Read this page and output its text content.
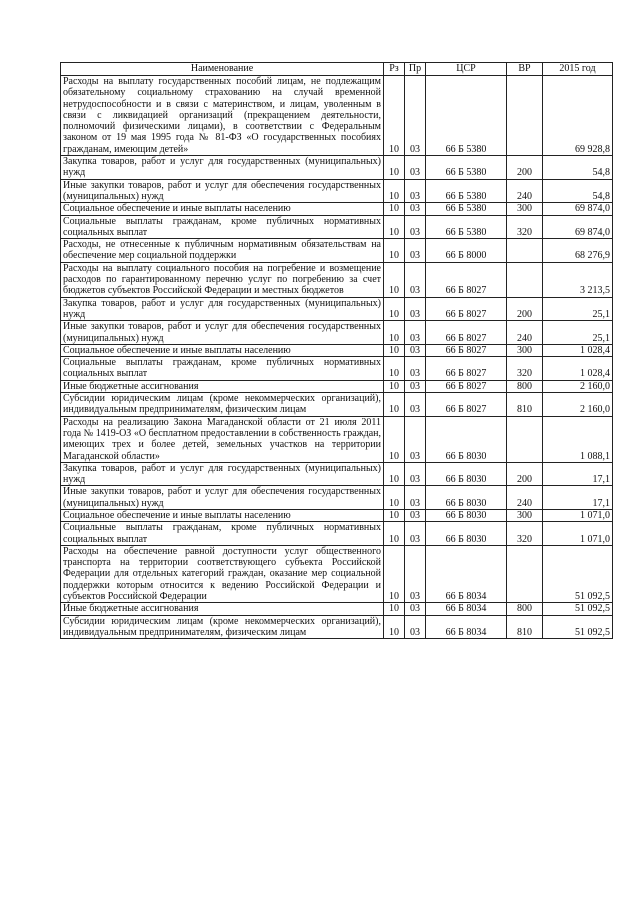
Наименование	Рз	Пр	ЦСР	ВР	2015 год
Расходы на выплату государственных пособий лицам, не подлежащим обязательному социальному страхованию на случай временной нетрудоспособности и в связи с материнством, и лицам, уволенным в связи с ликвидацией организаций (прекращением деятельности, полномочий физическими лицами), в соответствии с Федеральным законом от 19 мая 1995 года № 81-ФЗ «О государственных пособиях гражданам, имеющим детей»	10	03	66 Б 5380		69 928,8
Закупка товаров, работ и услуг для государственных (муниципальных) нужд	10	03	66 Б 5380	200	54,8
Иные закупки товаров, работ и услуг для обеспечения государственных (муниципальных) нужд	10	03	66 Б 5380	240	54,8
Социальное обеспечение и иные выплаты населению	10	03	66 Б 5380	300	69 874,0
Социальные выплаты гражданам, кроме публичных нормативных социальных выплат	10	03	66 Б 5380	320	69 874,0
Расходы, не отнесенные к публичным нормативным обязательствам на обеспечение мер социальной поддержки	10	03	66 Б 8000		68 276,9
Расходы на выплату социального пособия на погребение и возмещение расходов по гарантированному перечню услуг по погребению за счет бюджетов субъектов Российской Федерации и местных бюджетов	10	03	66 Б 8027		3 213,5
Закупка товаров, работ и услуг для государственных (муниципальных) нужд	10	03	66 Б 8027	200	25,1
Иные закупки товаров, работ и услуг для обеспечения государственных (муниципальных) нужд	10	03	66 Б 8027	240	25,1
Социальное обеспечение и иные выплаты населению	10	03	66 Б 8027	300	1 028,4
Социальные выплаты гражданам, кроме публичных нормативных социальных выплат	10	03	66 Б 8027	320	1 028,4
Иные бюджетные ассигнования	10	03	66 Б 8027	800	2 160,0
Субсидии юридическим лицам (кроме некоммерческих организаций), индивидуальным предпринимателям, физическим лицам	10	03	66 Б 8027	810	2 160,0
Расходы на реализацию Закона Магаданской области от 21 июля 2011 года № 1419-ОЗ «О бесплатном предоставлении в собственность граждан, имеющих трех и более детей, земельных участков на территории Магаданской области»	10	03	66 Б 8030		1 088,1
Закупка товаров, работ и услуг для государственных (муниципальных) нужд	10	03	66 Б 8030	200	17,1
Иные закупки товаров, работ и услуг для обеспечения государственных (муниципальных) нужд	10	03	66 Б 8030	240	17,1
Социальное обеспечение и иные выплаты населению	10	03	66 Б 8030	300	1 071,0
Социальные выплаты гражданам, кроме публичных нормативных социальных выплат	10	03	66 Б 8030	320	1 071,0
Расходы на обеспечение равной доступности услуг общественного транспорта на территории соответствующего субъекта Российской Федерации для отдельных категорий граждан, оказание мер социальной поддержки которым относится к ведению Российской Федерации и субъектов Российской Федерации	10	03	66 Б 8034		51 092,5
Иные бюджетные ассигнования	10	03	66 Б 8034	800	51 092,5
Субсидии юридическим лицам (кроме некоммерческих организаций), индивидуальным предпринимателям, физическим лицам	10	03	66 Б 8034	810	51 092,5
